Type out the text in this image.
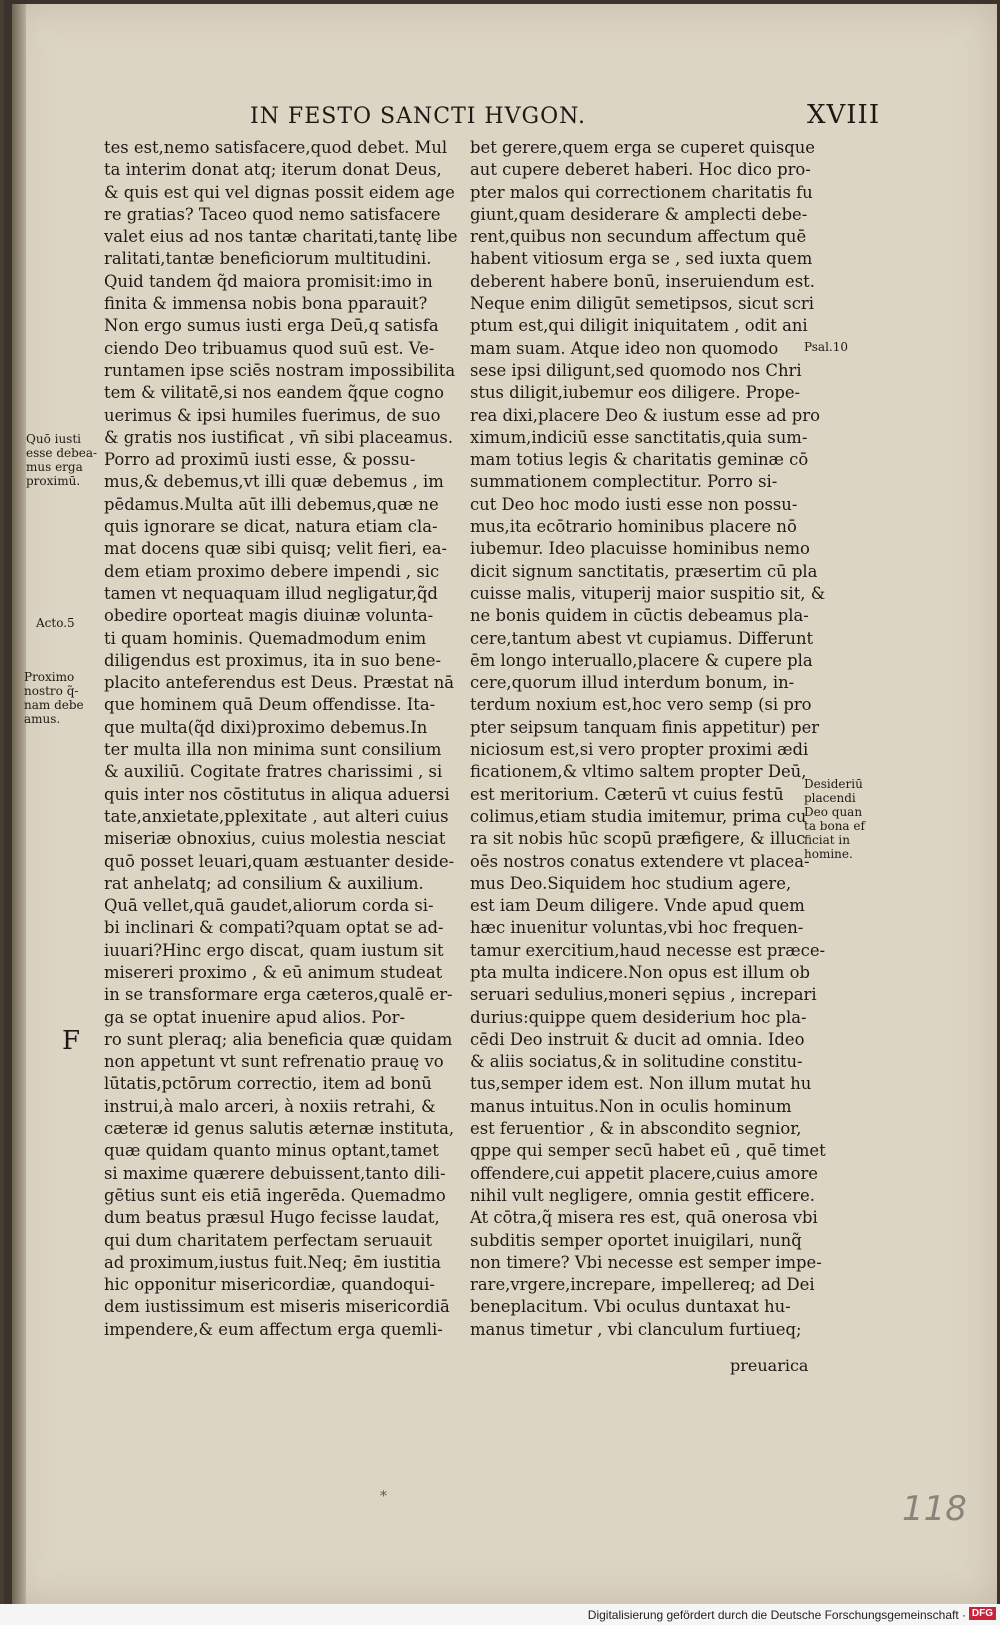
IN FESTO SANCTI HVGON.	XVIII
tes est,nemo satisfacere,quod debet. Mul
ta interim donat atq; iterum donat Deus,
& quis est qui vel dignas possit eidem age
re gratias? Taceo quod nemo satisfacere
valet eius ad nos tantæ charitati,tantę libe
ralitati,tantæ beneficiorum multitudini.
Quid tandem q̃d maiora promisit:imo in
finita & immensa nobis bona pparauit?
Non ergo sumus iusti erga Deū,q satisfa
ciendo Deo tribuamus quod suū est. Ve-
runtamen ipse sciēs nostram impossibilita
tem & vilitatē,si nos eandem q̃que cogno
uerimus & ipsi humiles fuerimus, de suo
& gratis nos iustificat , vn̄ sibi placeamus.
Porro ad proximū iusti esse, & possu-
mus,& debemus,vt illi quæ debemus , im
pēdamus.Multa aūt illi debemus,quæ ne
quis ignorare se dicat, natura etiam cla-
mat docens quæ sibi quisq; velit fieri, ea-
dem etiam proximo debere impendi , sic
tamen vt nequaquam illud negligatur,q̃d
obedire oporteat magis diuinæ volunta-
ti quam hominis. Quemadmodum enim
diligendus est proximus, ita in suo bene-
placito anteferendus est Deus. Præstat nā
que hominem quā Deum offendisse. Ita-
que multa(q̃d dixi)proximo debemus.In
ter multa illa non minima sunt consilium
& auxiliū. Cogitate fratres charissimi , si
quis inter nos cōstitutus in aliqua aduersi
tate,anxietate,pplexitate , aut alteri cuius
miseriæ obnoxius, cuius molestia nesciat
quō posset leuari,quam æstuanter deside-
rat anhelatq; ad consilium & auxilium.
Quā vellet,quā gaudet,aliorum corda si-
bi inclinari & compati?quam optat se ad-
iuuari?Hinc ergo discat, quam iustum sit
misereri proximo , & eū animum studeat
in se transformare erga cæteros,qualē er-
ga se optat inuenire apud alios. Por-
ro sunt pleraq; alia beneficia quæ quidam
non appetunt vt sunt refrenatio prauę vo
lūtatis,pctōrum correctio, item ad bonū
instrui,à malo arceri, à noxiis retrahi, &
cæteræ id genus salutis æternæ instituta,
quæ quidam quanto minus optant,tamet
si maxime quærere debuissent,tanto dili-
gētius sunt eis etiā ingerēda. Quemadmo
dum beatus præsul Hugo fecisse laudat,
qui dum charitatem perfectam seruauit
ad proximum,iustus fuit.Neq; ēm iustitia
hic opponitur misericordiæ, quandoqui-
dem iustissimum est miseris misericordiā
impendere,& eum affectum erga quemli-
bet gerere,quem erga se cuperet quisque
aut cupere deberet haberi. Hoc dico pro-
pter malos qui correctionem charitatis fu
giunt,quam desiderare & amplecti debe-
rent,quibus non secundum affectum quē
habent vitiosum erga se , sed iuxta quem
deberent habere bonū, inseruiendum est.
Neque enim diligūt semetipsos, sicut scri
ptum est,qui diligit iniquitatem , odit ani
mam suam. Atque ideo non quomodo
sese ipsi diligunt,sed quomodo nos Chri
stus diligit,iubemur eos diligere. Prope-
rea dixi,placere Deo & iustum esse ad pro
ximum,indiciū esse sanctitatis,quia sum-
mam totius legis & charitatis geminæ cō
summationem complectitur. Porro si-
cut Deo hoc modo iusti esse non possu-
mus,ita ecōtrario hominibus placere nō
iubemur. Ideo placuisse hominibus nemo
dicit signum sanctitatis, præsertim cū pla
cuisse malis, vituperij maior suspitio sit, &
ne bonis quidem in cūctis debeamus pla-
cere,tantum abest vt cupiamus. Differunt
ēm longo interuallo,placere & cupere pla
cere,quorum illud interdum bonum, in-
terdum noxium est,hoc vero semp (si pro
pter seipsum tanquam finis appetitur) per
niciosum est,si vero propter proximi ædi
ficationem,& vltimo saltem propter Deū,
est meritorium. Cæterū vt cuius festū
colimus,etiam studia imitemur, prima cu
ra sit nobis hūc scopū præfigere, & illuc
oēs nostros conatus extendere vt placea-
mus Deo.Siquidem hoc studium agere,
est iam Deum diligere. Vnde apud quem
hæc inuenitur voluntas,vbi hoc frequen-
tamur exercitium,haud necesse est præce-
pta multa indicere.Non opus est illum ob
seruari sedulius,moneri sępius , increpari
durius:quippe quem desiderium hoc pla-
cēdi Deo instruit & ducit ad omnia. Ideo
& aliis sociatus,& in solitudine constitu-
tus,semper idem est. Non illum mutat hu
manus intuitus.Non in oculis hominum
est feruentior , & in abscondito segnior,
qppe qui semper secū habet eū , quē timet
offendere,cui appetit placere,cuius amore
nihil vult negligere, omnia gestit efficere.
At cōtra,q̃ misera res est, quā onerosa vbi
subditis semper oportet inuigilari, nunq̃
non timere? Vbi necesse est semper impe-
rare,vrgere,increpare, impellereq; ad Dei
beneplacitum. Vbi oculus duntaxat hu-
manus timetur , vbi clanculum furtiueq;
preuarica
Quō iusti
esse debea-
mus erga
proximū.
Acto.5
Proximo
nostro q̃-
nam debe
amus.
Psal.10
Desideriū
placendi
Deo quan
ta bona ef
ficiat in
homine.
F
⁎	118
Digitalisierung gefördert durch die Deutsche Forschungsgemeinschaft · DFG
